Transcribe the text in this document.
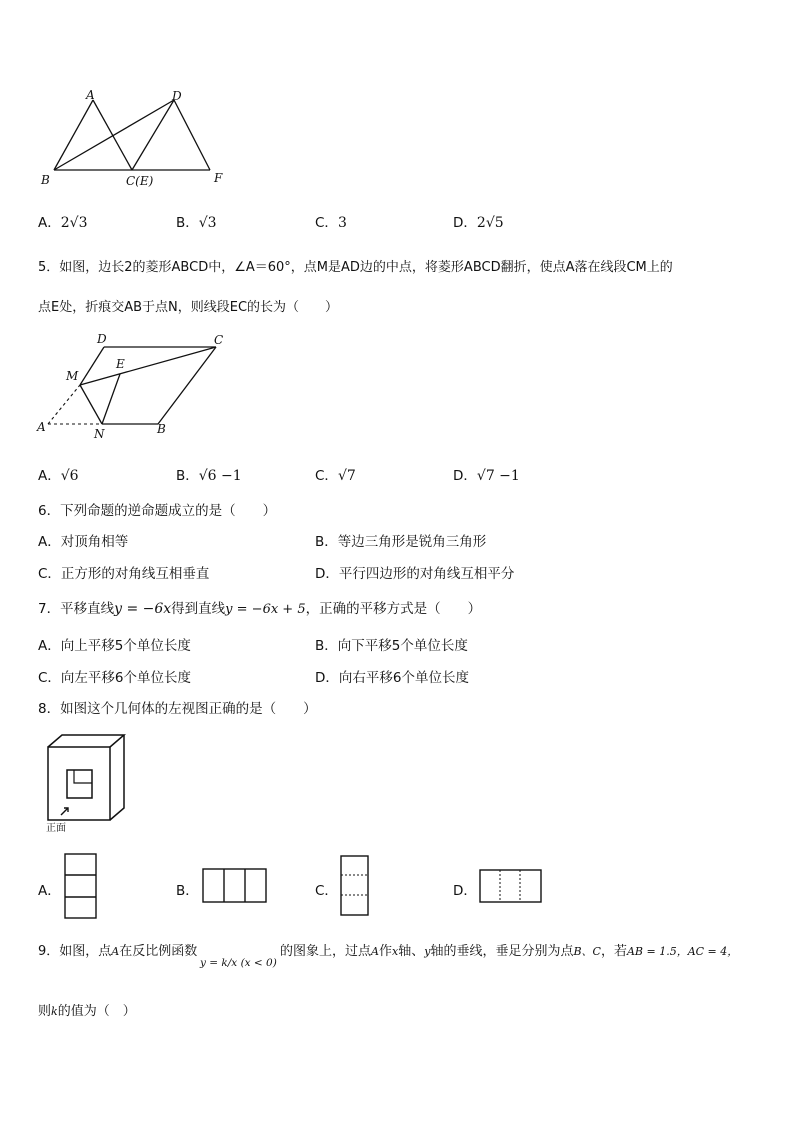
A	D
B	C(E)	F
A．2√3	B．√3	C．3	D．2√5
5．如图，边长2的菱形ABCD中，∠A＝60°，点M是AD边的中点，将菱形ABCD翻折，使点A落在线段CM上的
点E处，折痕交AB于点N，则线段EC的长为（　　）
D	C
E
M
A	N	B
A．√6	B．√6 −1	C．√7	D．√7 −1
6．下列命题的逆命题成立的是（　　）
A．对顶角相等	B．等边三角形是锐角三角形
C．正方形的对角线互相垂直	D．平行四边形的对角线互相平分
7．平移直线y = −6x得到直线y = −6x + 5，正确的平移方式是（　　）
A．向上平移5个单位长度	B．向下平移5个单位长度
C．向左平移6个单位长度	D．向右平移6个单位长度
8．如图这个几何体的左视图正确的是（　　）
正面
A．	B．	C．	D．
9．如图，点A在反比例函数
y = k/x (x < 0)
的图象上，过点A作x轴、y轴的垂线，垂足分别为点B、C，若AB = 1.5，AC = 4，
则k的值为（　）
